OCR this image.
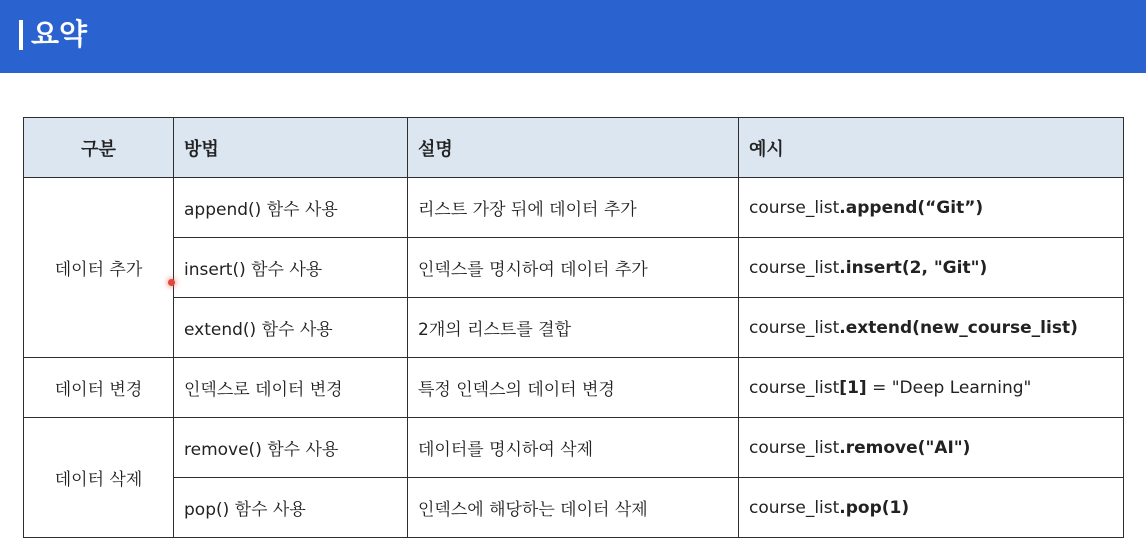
요약
구분	방법	설명	예시
데이터 추가	append() 함수 사용	리스트 가장 뒤에 데이터 추가	course_list.append(“Git”)
	insert() 함수 사용	인덱스를 명시하여 데이터 추가	course_list.insert(2, "Git")
	extend() 함수 사용	2개의 리스트를 결합	course_list.extend(new_course_list)
데이터 변경	인덱스로 데이터 변경	특정 인덱스의 데이터 변경	course_list[1] = "Deep Learning"
데이터 삭제	remove() 함수 사용	데이터를 명시하여 삭제	course_list.remove("AI")
	pop() 함수 사용	인덱스에 해당하는 데이터 삭제	course_list.pop(1)
